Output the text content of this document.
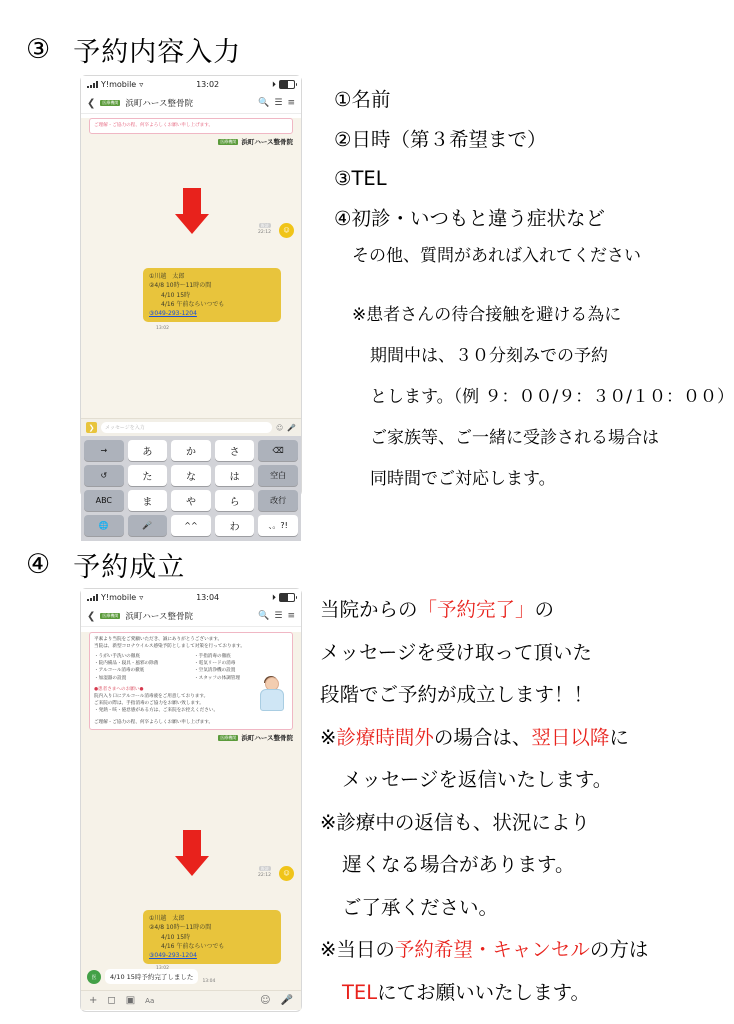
③ 予約内容入力
Y!mobile ▿	13:02	⏵
❮	医療機関 浜町ハース整骨院	🔍 ☰ ≡
ご理解・ご協力の程、何卒よろしくお願い申し上げます。
医療機関 浜町ハース整骨院
既読
22:12	☺
①川越　太郎
②4/8 10時〜11時の間
　　4/10 15時
　　4/16 午前ならいつでも
③049-293-1204
13:02
❯	メッセージを入力	☺ 🎤
→	あ	か	さ	⌫
↺	た	な	は	空白
ABC	ま	や	ら	改行
🌐	🎤	^^	わ	、。?!
①名前
②日時（第３希望まで）
③TEL
④初診・いつもと違う症状など
その他、質問があれば入れてください
※患者さんの待合接触を避ける為に
期間中は、３０分刻みでの予約
とします。（例 ９：００/９：３０/１０：００）
ご家族等、ご一緒に受診される場合は
同時間でご対応します。
④ 予約成立
Y!mobile ▿	13:04	⏵
❮	医療機関 浜町ハース整骨院	🔍 ☰ ≡
平素より当院をご愛顧いただき、誠にありがとうございます。
当院は、新型コロナウイルス感染予防としまして対策を行っております。
・ うがい手洗いの徹底
・ 院内備品・寝具・風邪の除菌
・ アルコール消毒の徹底
・ 加湿器の設置
・ 手指消毒の徹底
・ 電気リードの消毒
・ 空気清浄機の設置
・ スタッフの体調管理
●患者さまへのお願い●
院内入り口にアルコール消毒液をご用意しております。
ご来院の際は、手指消毒のご協力をお願い致します。
・発熱・咳・倦怠感がある方は、ご来院をお控えください。
ご理解・ご協力の程、何卒よろしくお願い申し上げます。
医療機関 浜町ハース整骨院
既読
22:12	☺
①川越　太郎
②4/8 10時〜11時の間
　　4/10 15時
　　4/16 午前ならいつでも
③049-293-1204
医	4/10 15時予約完了しました
13:04
+ ◻ ▣ Aa	☺ 🎤
当院からの「予約完了」の
メッセージを受け取って頂いた
段階でご予約が成立します！！
※診療時間外の場合は、翌日以降に
メッセージを返信いたします。
※診療中の返信も、状況により
遅くなる場合があります。
ご了承ください。
※当日の予約希望・キャンセルの方は
TELにてお願いいたします。
